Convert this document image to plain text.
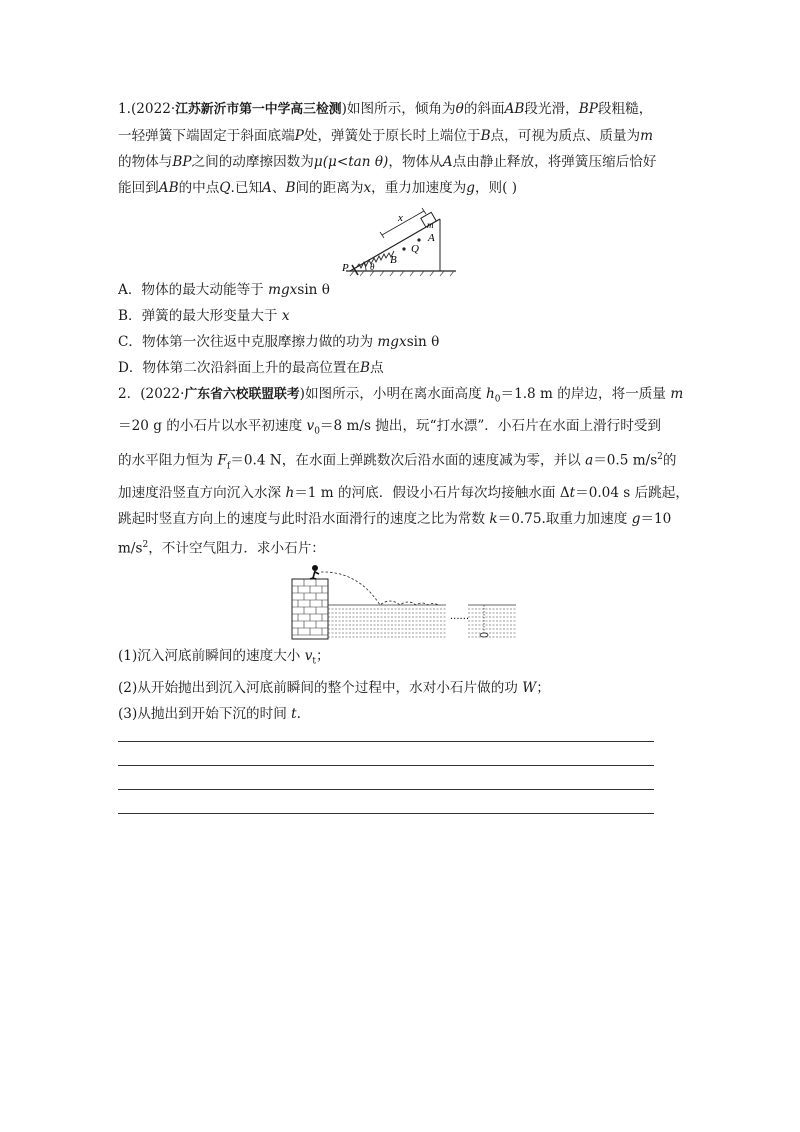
1.(2022·江苏新沂市第一中学高三检测)如图所示，倾角为θ的斜面AB段光滑，BP段粗糙，
一轻弹簧下端固定于斜面底端P处，弹簧处于原长时上端位于B点，可视为质点、质量为m
的物体与BP之间的动摩擦因数为μ(μ<tan θ)，物体从A点由静止释放，将弹簧压缩后恰好
能回到AB的中点Q.已知A、B间的距离为x，重力加速度为g，则( )
x
m
A
Q
B
P θ
A．物体的最大动能等于 mgxsin θ
B．弹簧的最大形变量大于 x
C．物体第一次往返中克服摩擦力做的功为 mgxsin θ
D．物体第二次沿斜面上升的最高位置在B点
2．(2022·广东省六校联盟联考)如图所示，小明在离水面高度 $h_0=1.8$ m 的岸边，将一质量 m
＝20 g 的小石片以水平初速度 $v_0=8$ m/s 抛出，玩“打水漂”．小石片在水面上滑行时受到
的水平阻力恒为 $F_f=0.4$ N，在水面上弹跳数次后沿水面的速度减为零，并以 a＝0.5 $m/s^2$的
加速度沿竖直方向沉入水深 h＝1 m 的河底．假设小石片每次均接触水面 Δt＝0.04 s 后跳起，
跳起时竖直方向上的速度与此时沿水面滑行的速度之比为常数 k＝0.75.取重力加速度 g＝10
$m/s^2$，不计空气阻力．求小石片：
......
(1)沉入河底前瞬间的速度大小 $v_t$；
(2)从开始抛出到沉入河底前瞬间的整个过程中，水对小石片做的功 W；
(3)从抛出到开始下沉的时间 t.
